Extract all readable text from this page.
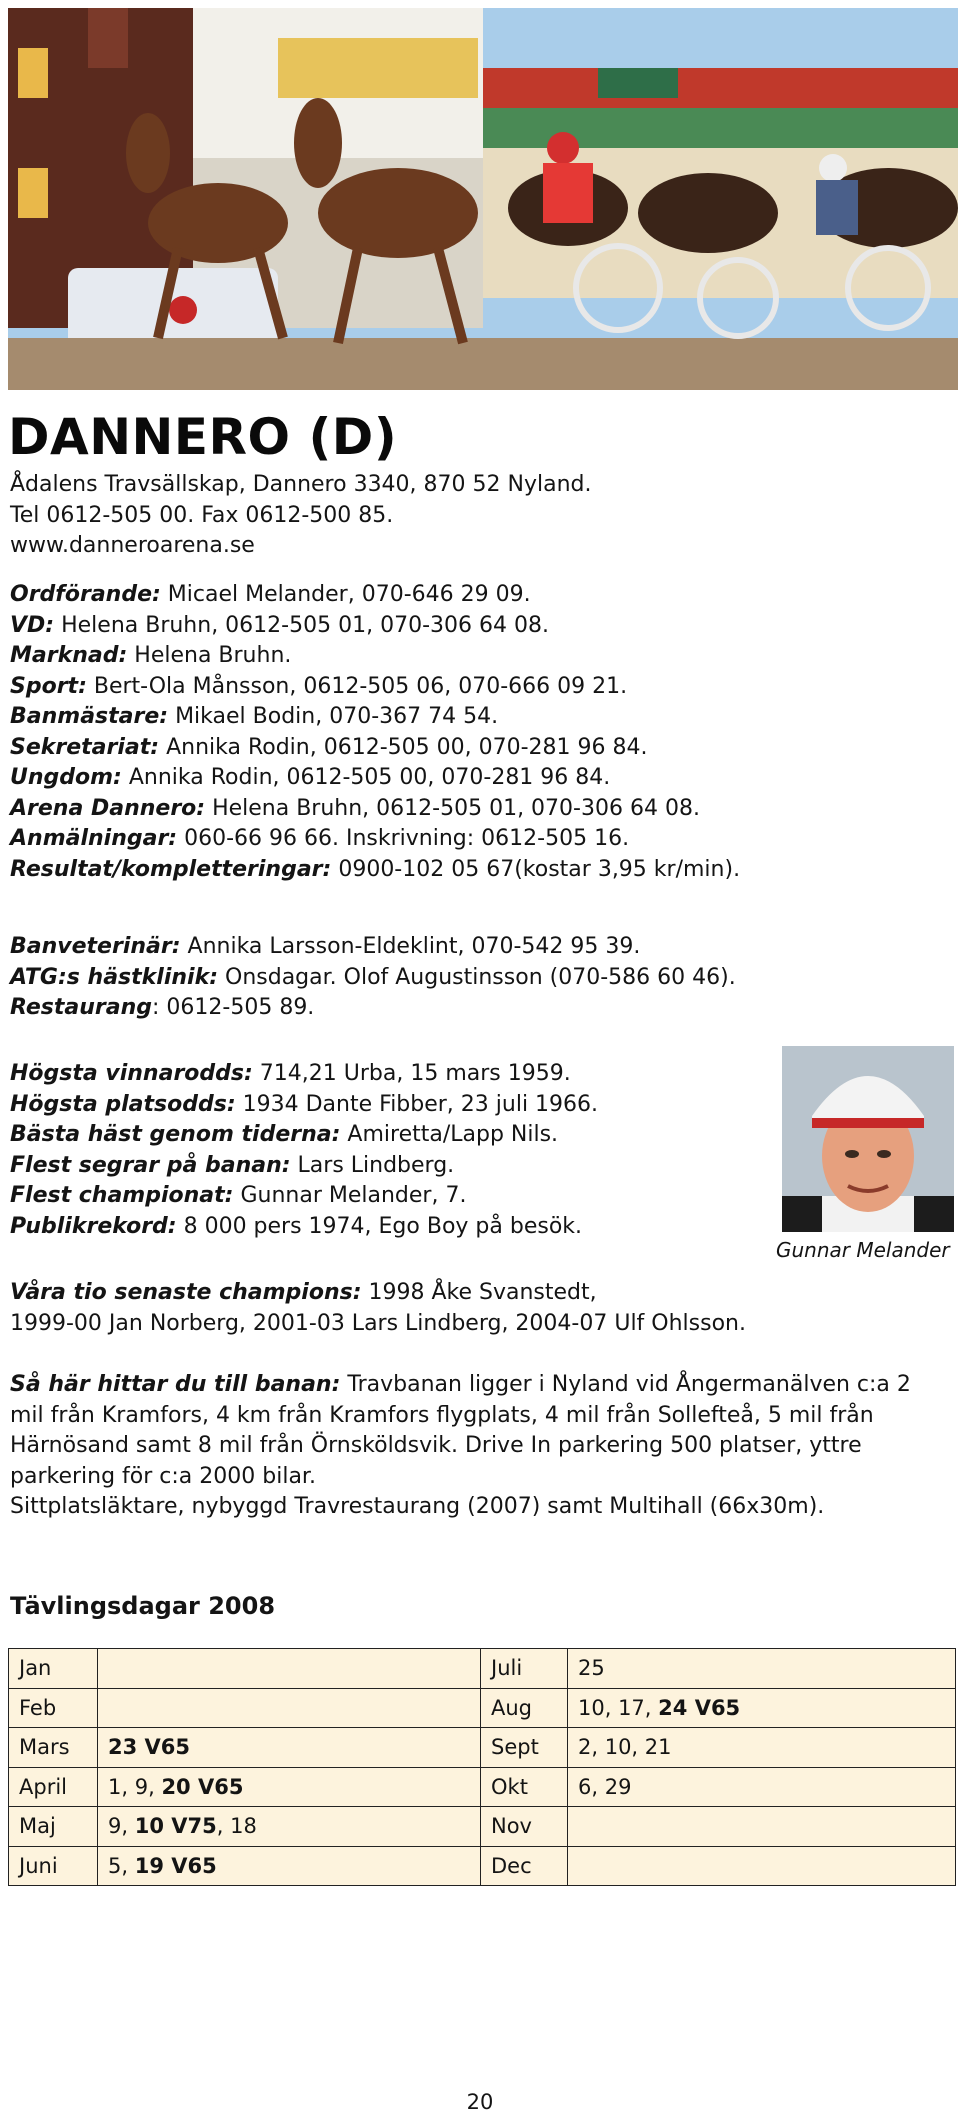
DANNERO (D)

Ådalens Travsällskap, Dannero 3340, 870 52 Nyland.

Tel 0612-505 00. Fax 0612-500 85.

www.danneroarena.se

Ordförande: Micael Melander, 070-646 29 09.

VD: Helena Bruhn, 0612-505 01, 070-306 64 08.

Marknad: Helena Bruhn.

Sport: Bert-Ola Månsson, 0612-505 06, 070-666 09 21.

Banmästare: Mikael Bodin, 070-367 74 54.

Sekretariat: Annika Rodin, 0612-505 00, 070-281 96 84.

Ungdom: Annika Rodin, 0612-505 00, 070-281 96 84.

Arena Dannero: Helena Bruhn, 0612-505 01, 070-306 64 08.

Anmälningar: 060-66 96 66. Inskrivning: 0612-505 16.

Resultat/kompletteringar: 0900-102 05 67(kostar 3,95 kr/min).

Banveterinär: Annika Larsson-Eldeklint, 070-542 95 39.

ATG:s hästklinik: Onsdagar. Olof Augustinsson (070-586 60 46).

Restaurang: 0612-505 89.

Högsta vinnarodds: 714,21 Urba, 15 mars 1959.

Högsta platsodds: 1934 Dante Fibber, 23 juli 1966.

Bästa häst genom tiderna: Amiretta/Lapp Nils.

Flest segrar på banan: Lars Lindberg.

Flest championat: Gunnar Melander, 7.

Publikrekord: 8 000 pers 1974, Ego Boy på besök.

Gunnar Melander

Våra tio senaste champions: 1998 Åke Svanstedt,

1999-00 Jan Norberg, 2001-03 Lars Lindberg, 2004-07 Ulf Ohlsson.

Så här hittar du till banan: Travbanan ligger i Nyland vid Ångermanälven c:a 2 mil från Kramfors, 4 km från Kramfors flygplats, 4 mil från Sollefteå, 5 mil från Härnösand samt 8 mil från Örnsköldsvik. Drive In parkering 500 platser, yttre parkering för c:a 2000 bilar.

Sittplatsläktare, nybyggd Travrestaurang (2007) samt Multihall (66x30m).

Tävlingsdagar 2008
Jan		Juli	25
Feb		Aug	10, 17, 24 V65
Mars	23 V65	Sept	2, 10, 21
April	1, 9, 20 V65	Okt	6, 29
Maj	9, 10 V75, 18	Nov	
Juni	5, 19 V65	Dec	
20
